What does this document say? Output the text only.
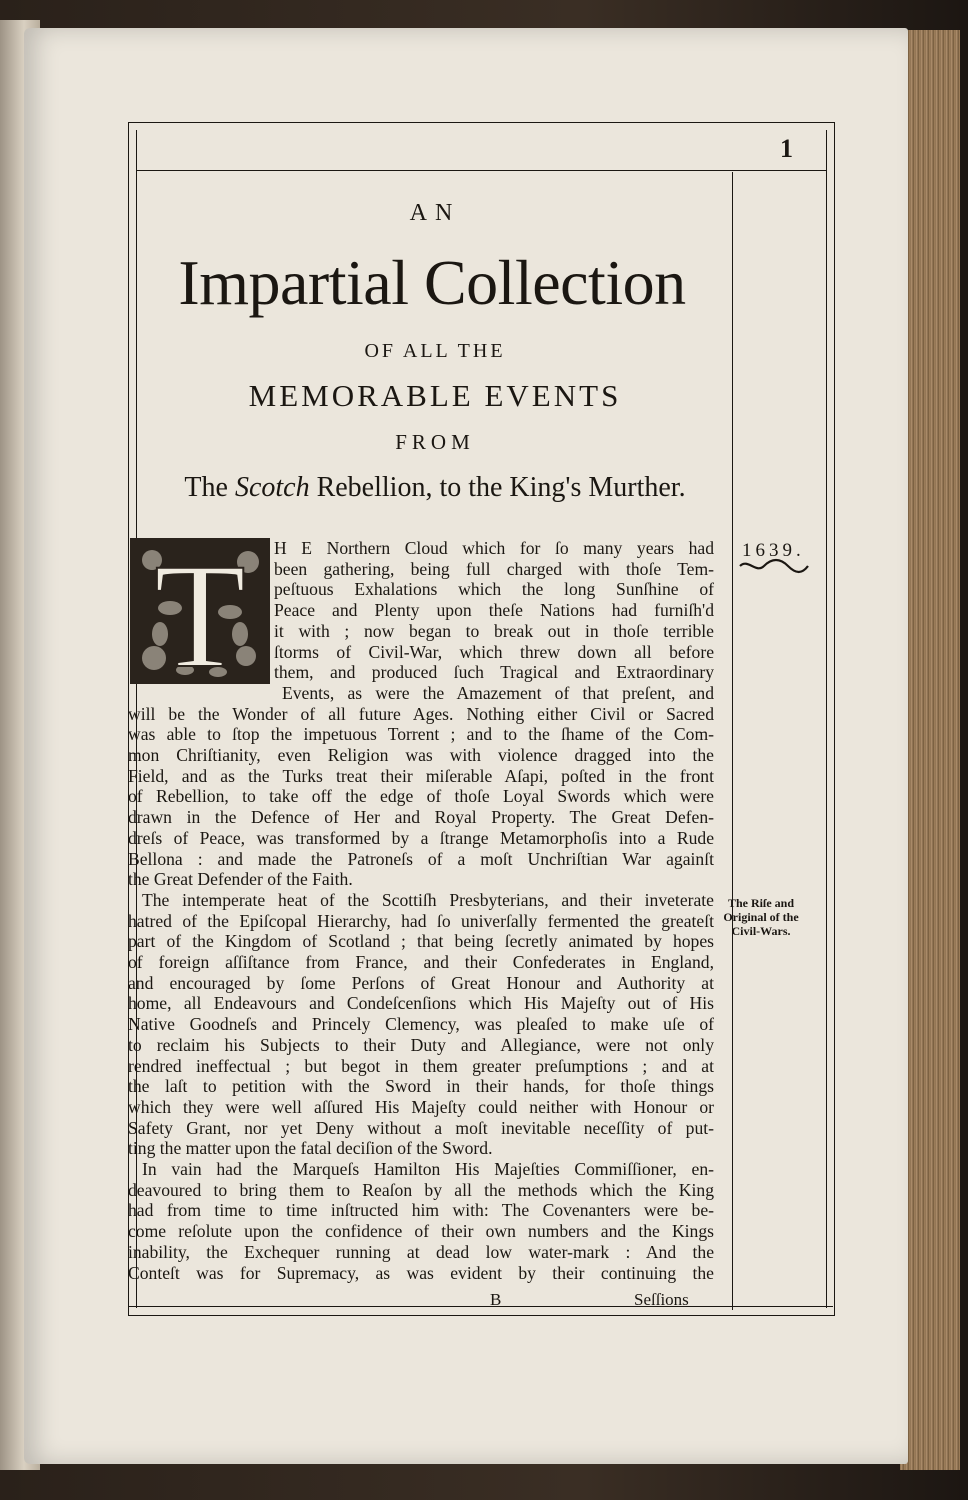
1
AN
Impartial Collection
OF ALL THE
MEMORABLE EVENTS
FROM
The Scotch Rebellion, to the King's Murther.
T H E Northern Cloud which for ſo many years had
been gathering, being full charged with thoſe Tem-
peſtuous Exhalations which the long Sunſhine of
Peace and Plenty upon theſe Nations had furniſh'd
it with ; now began to break out in thoſe terrible
ſtorms of Civil-War, which threw down all before
them, and produced ſuch Tragical and Extraordinary
Events, as were the Amazement of that preſent, and
will be the Wonder of all future Ages. Nothing either Civil or Sacred
was able to ſtop the impetuous Torrent ; and to the ſhame of the Com-
mon Chriſtianity, even Religion was with violence dragged into the
Field, and as the Turks treat their miſerable Aſapi, poſted in the front
of Rebellion, to take off the edge of thoſe Loyal Swords which were
drawn in the Defence of Her and Royal Property. The Great Defen-
dreſs of Peace, was transformed by a ſtrange Metamorphoſis into a Rude
Bellona : and made the Patroneſs of a moſt Unchriſtian War againſt
the Great Defender of the Faith.
The intemperate heat of the Scottiſh Presbyterians, and their inveterate
hatred of the Epiſcopal Hierarchy, had ſo univerſally fermented the greateſt
part of the Kingdom of Scotland ; that being ſecretly animated by hopes
of foreign aſſiſtance from France, and their Confederates in England,
and encouraged by ſome Perſons of Great Honour and Authority at
home, all Endeavours and Condeſcenſions which His Majeſty out of His
Native Goodneſs and Princely Clemency, was pleaſed to make uſe of
to reclaim his Subjects to their Duty and Allegiance, were not only
rendred ineffectual ; but begot in them greater preſumptions ; and at
the laſt to petition with the Sword in their hands, for thoſe things
which they were well aſſured His Majeſty could neither with Honour or
Safety Grant, nor yet Deny without a moſt inevitable neceſſity of put-
ting the matter upon the fatal deciſion of the Sword.
In vain had the Marqueſs Hamilton His Majeſties Commiſſioner, en-
deavoured to bring them to Reaſon by all the methods which the King
had from time to time inſtructed him with: The Covenanters were be-
come reſolute upon the confidence of their own numbers and the Kings
inability, the Exchequer running at dead low water-mark : And the
Conteſt was for Supremacy, as was evident by their continuing the
1639.
The Riſe and
Original of the
Civil-Wars.
B	Seſſions
